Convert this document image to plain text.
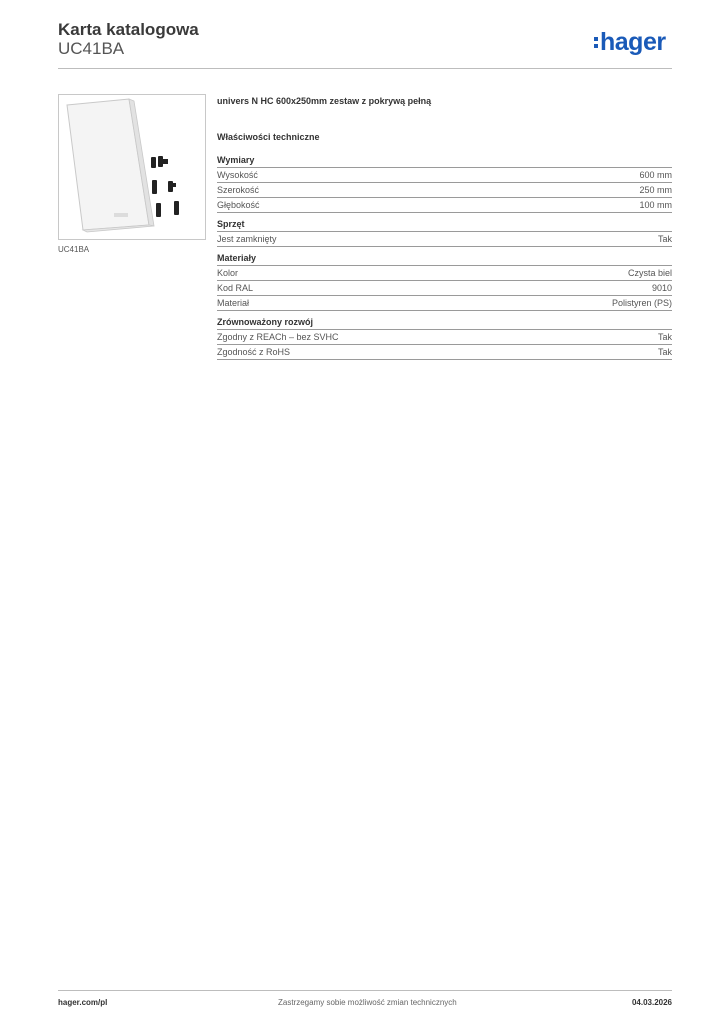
Karta katalogowa
UC41BA	hager
UC41BA
univers N HC 600x250mm zestaw z pokrywą pełną
Właściwości techniczne
Wymiary
Wysokość	600 mm
Szerokość	250 mm
Głębokość	100 mm
Sprzęt
Jest zamknięty	Tak
Materiały
Kolor	Czysta biel
Kod RAL	9010
Materiał	Polistyren (PS)
Zrównoważony rozwój
Zgodny z REACh – bez SVHC	Tak
Zgodność z RoHS	Tak
hager.com/pl	Zastrzegamy sobie możliwość zmian technicznych	04.03.2026
